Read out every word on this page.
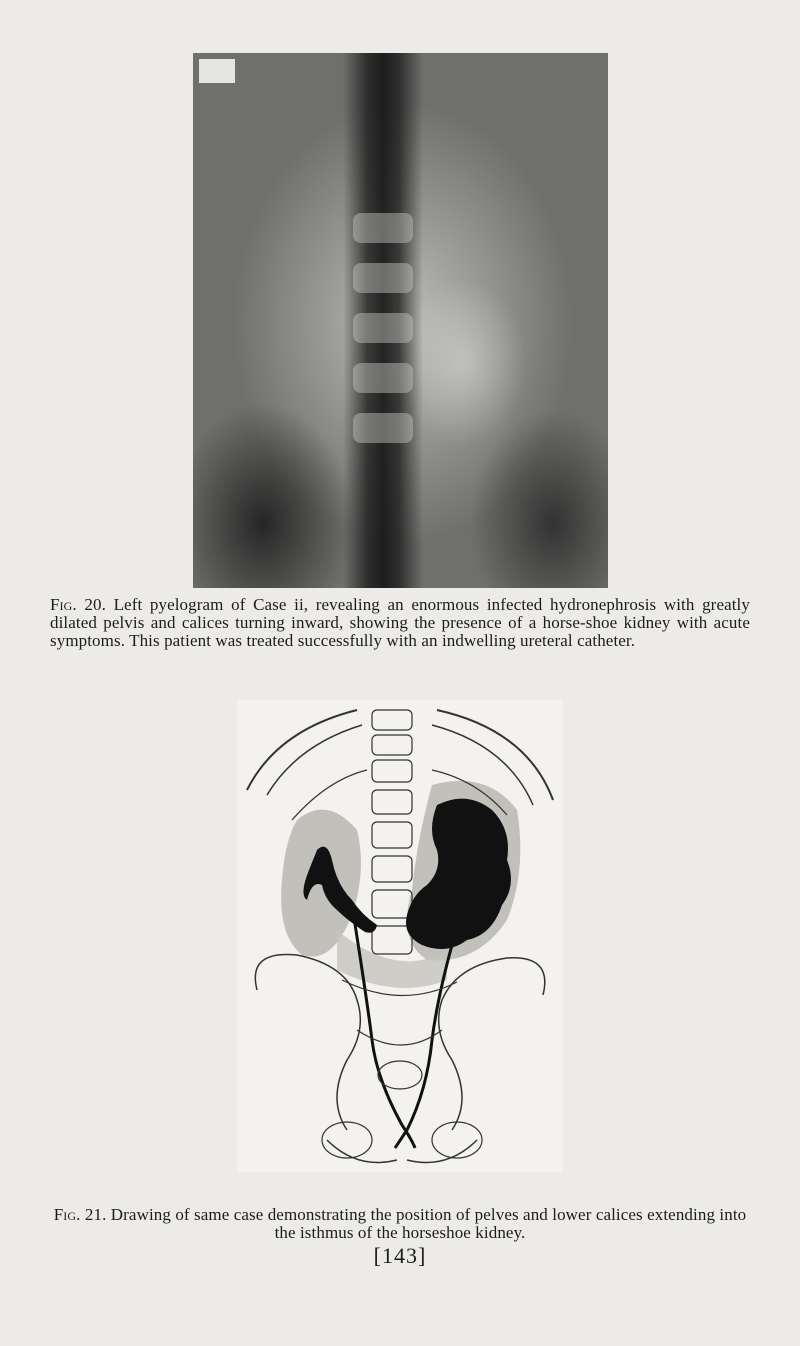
Fig. 20. Left pyelogram of Case ii, revealing an enormous infected hydronephrosis with greatly dilated pelvis and calices turning inward, showing the presence of a horse-shoe kidney with acute symptoms. This patient was treated successfully with an indwelling ureteral catheter.
Fig. 21. Drawing of same case demonstrating the position of pelves and lower calices extending into the isthmus of the horseshoe kidney.
[143]
